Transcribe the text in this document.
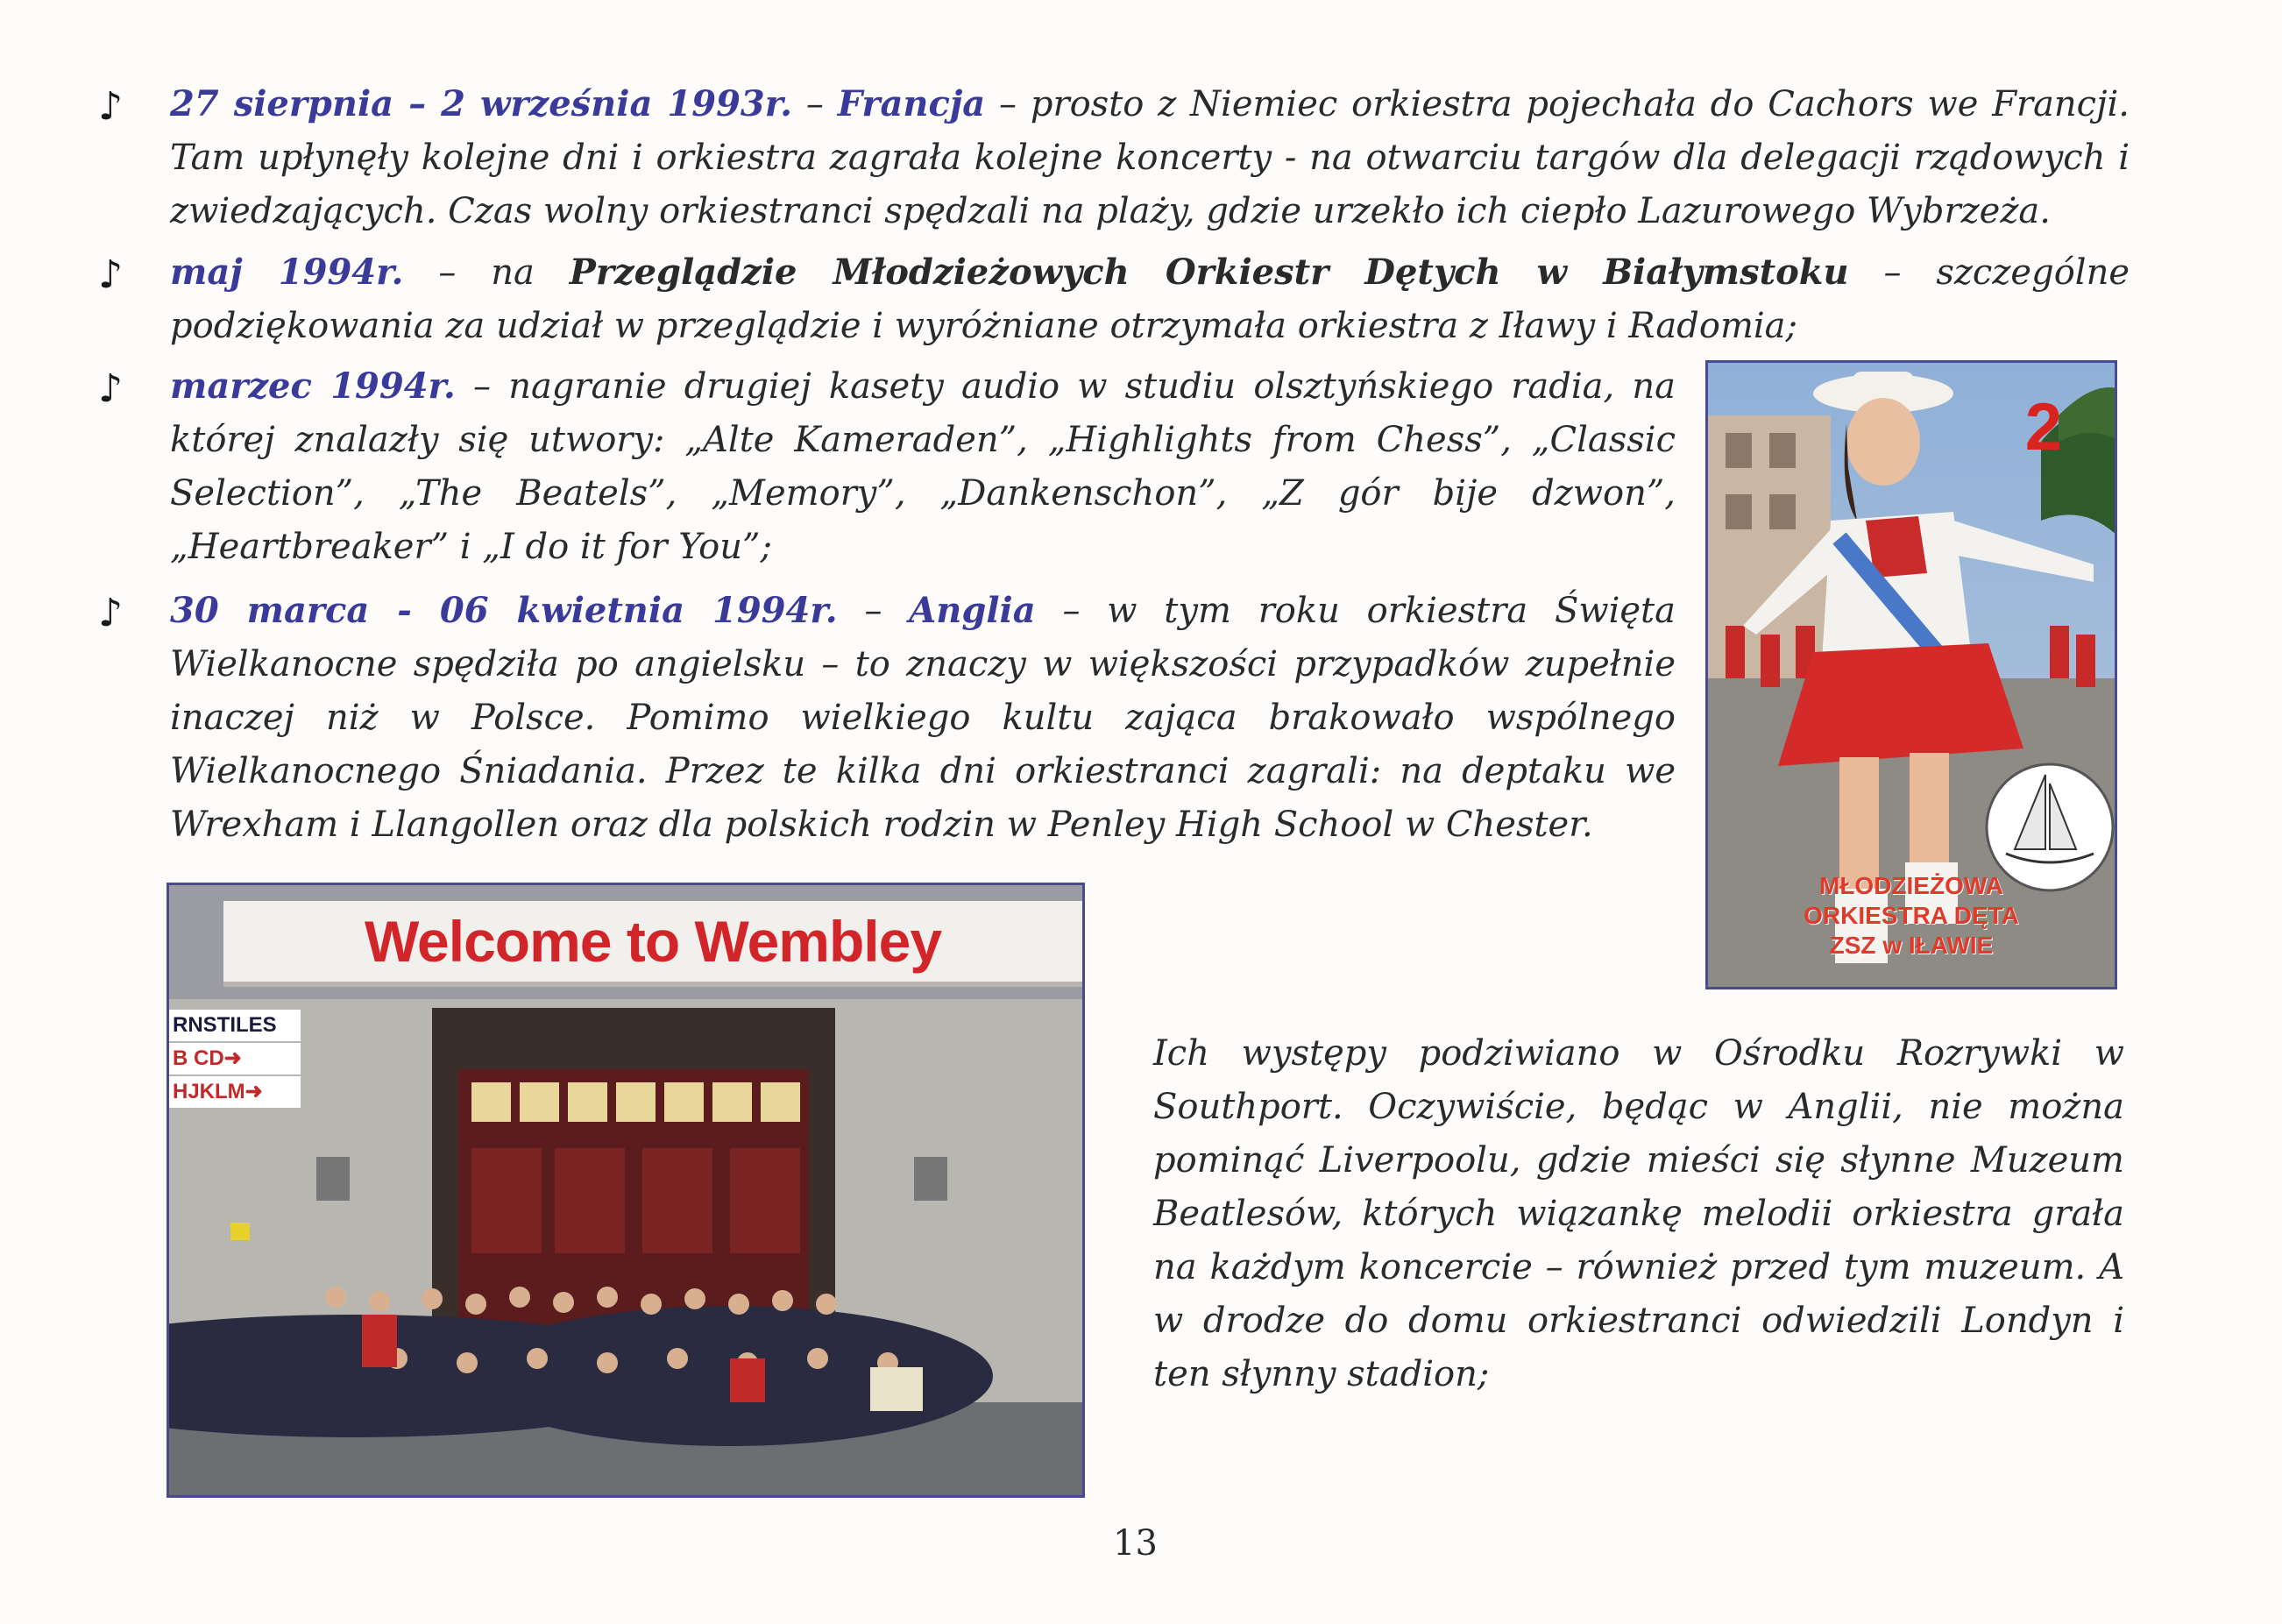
♪ 27 sierpnia – 2 września 1993r. – Francja – prosto z Niemiec orkiestra pojechała do Cachors we Francji. Tam upłynęły kolejne dni i orkiestra zagrała kolejne koncerty - na otwarciu targów dla delegacji rządowych i zwiedzających. Czas wolny orkiestranci spędzali na plaży, gdzie urzekło ich ciepło Lazurowego Wybrzeża.
♪ maj 1994r. – na Przeglądzie Młodzieżowych Orkiestr Dętych w Białymstoku – szczególne podziękowania za udział w przeglądzie i wyróżniane otrzymała orkiestra z Iławy i Radomia;
♪ marzec 1994r. – nagranie drugiej kasety audio w studiu olsztyńskiego radia, na której znalazły się utwory: „Alte Kameraden”, „Highlights from Chess”, „Classic Selection”, „The Beatels”, „Memory”, „Dankenschon”, „Z gór bije dzwon”, „Heartbreaker” i „I do it for You”;
♪ 30 marca - 06 kwietnia 1994r. – Anglia – w tym roku orkiestra Święta Wielkanocne spędziła po angielsku – to znaczy w większości przypadków zupełnie inaczej niż w Polsce. Pomimo wielkiego kultu zająca brakowało wspólnego Wielkanocnego Śniadania. Przez te kilka dni orkiestranci zagrali: na deptaku we Wrexham i Llangollen oraz dla polskich rodzin w Penley High School w Chester.
2
MŁODZIEŻOWA
ORKIESTRA DĘTA
ZSZ w IŁAWIE
Welcome to Wembley
RNSTILES
B CD➜
HJKLM➜
Ich występy podziwiano w Ośrodku Rozrywki w Southport. Oczywiście, będąc w Anglii, nie można pominąć Liverpoolu, gdzie mieści się słynne Muzeum Beatlesów, których wiązankę melodii orkiestra grała na każdym koncercie – również przed tym muzeum. A w drodze do domu orkiestranci odwiedzili Londyn i ten słynny stadion;
13
